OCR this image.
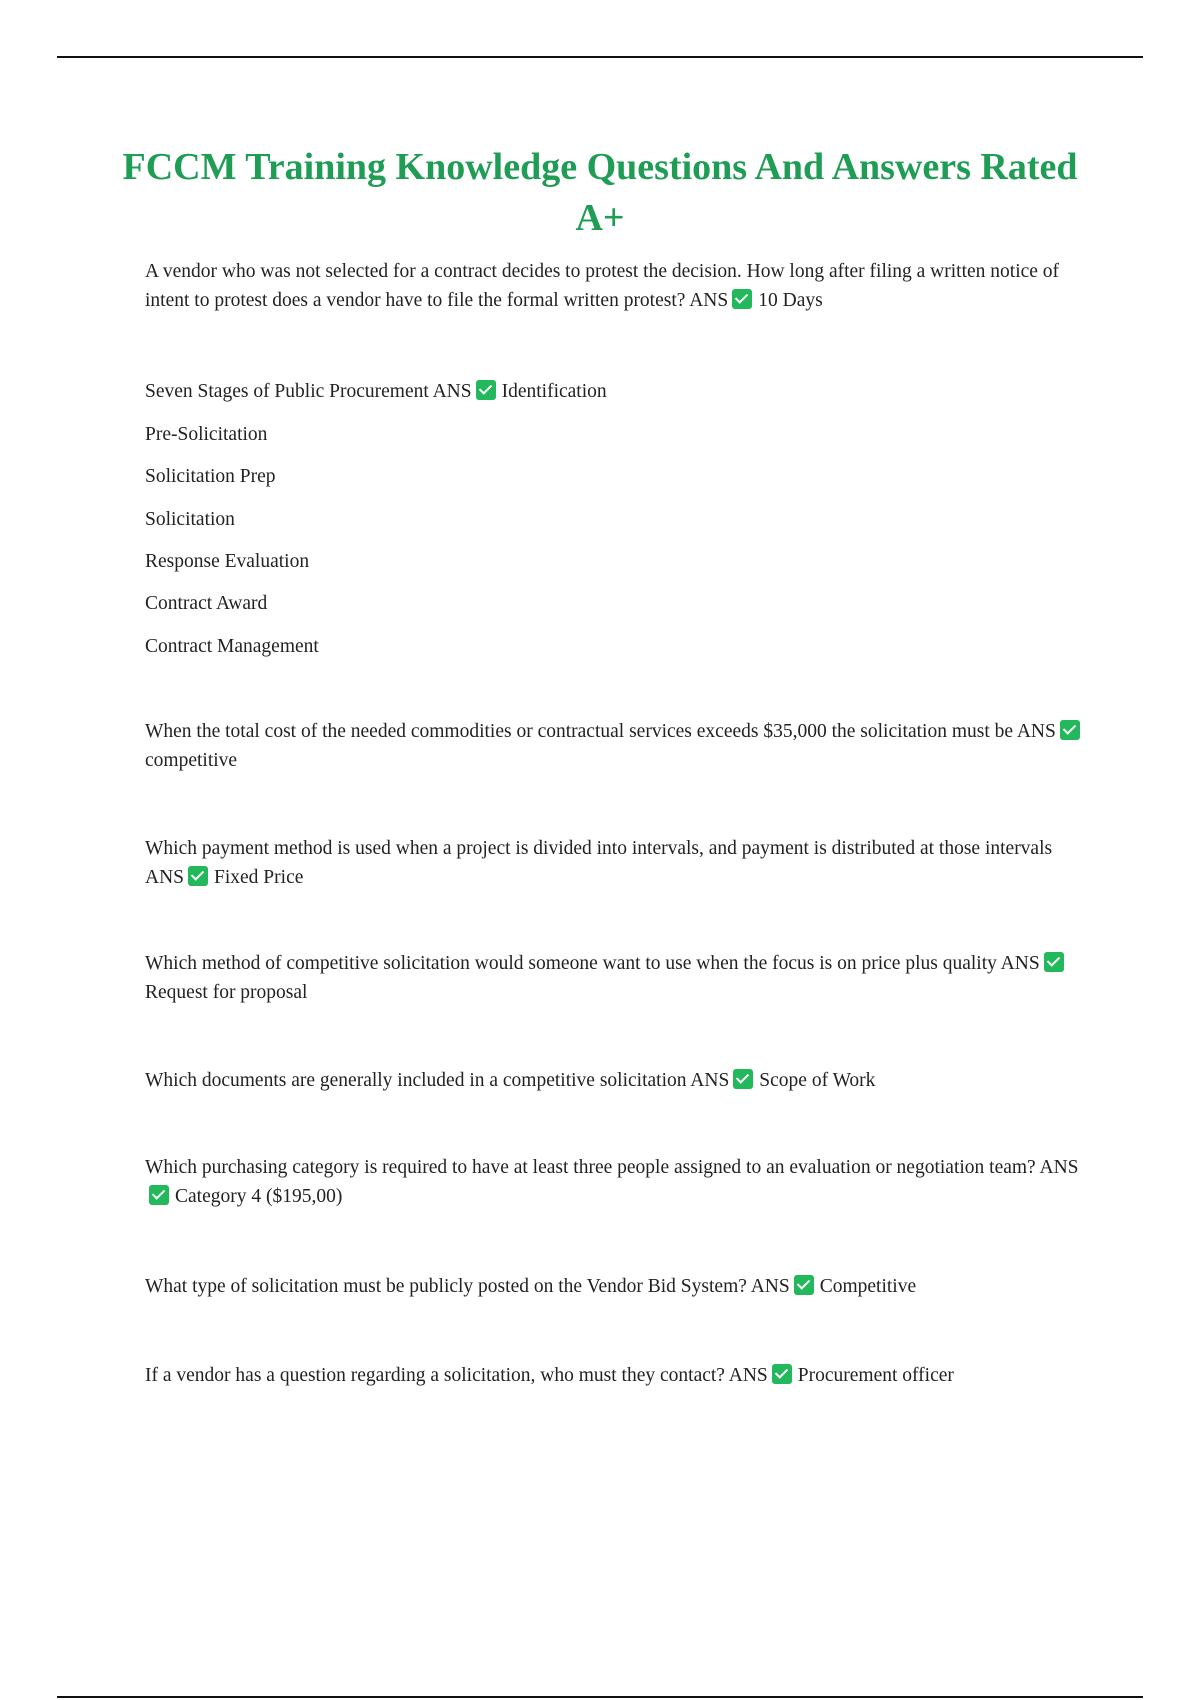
FCCM Training Knowledge Questions And Answers Rated A+

A vendor who was not selected for a contract decides to protest the decision. How long after filing a written notice of intent to protest does a vendor have to file the formal written protest? ANS 10 Days

Seven Stages of Public Procurement ANS Identification

Pre-Solicitation
Solicitation Prep
Solicitation
Response Evaluation
Contract Award
Contract Management

When the total cost of the needed commodities or contractual services exceeds $35,000 the solicitation must be ANScompetitive

Which payment method is used when a project is divided into intervals, and payment is distributed at those intervals ANS Fixed Price

Which method of competitive solicitation would someone want to use when the focus is on price plus quality ANSRequest for proposal

Which documents are generally included in a competitive solicitation ANS Scope of Work

Which purchasing category is required to have at least three people assigned to an evaluation or negotiation team? ANSCategory 4 ($195,00)

What type of solicitation must be publicly posted on the Vendor Bid System? ANS Competitive

If a vendor has a question regarding a solicitation, who must they contact? ANS Procurement officer
